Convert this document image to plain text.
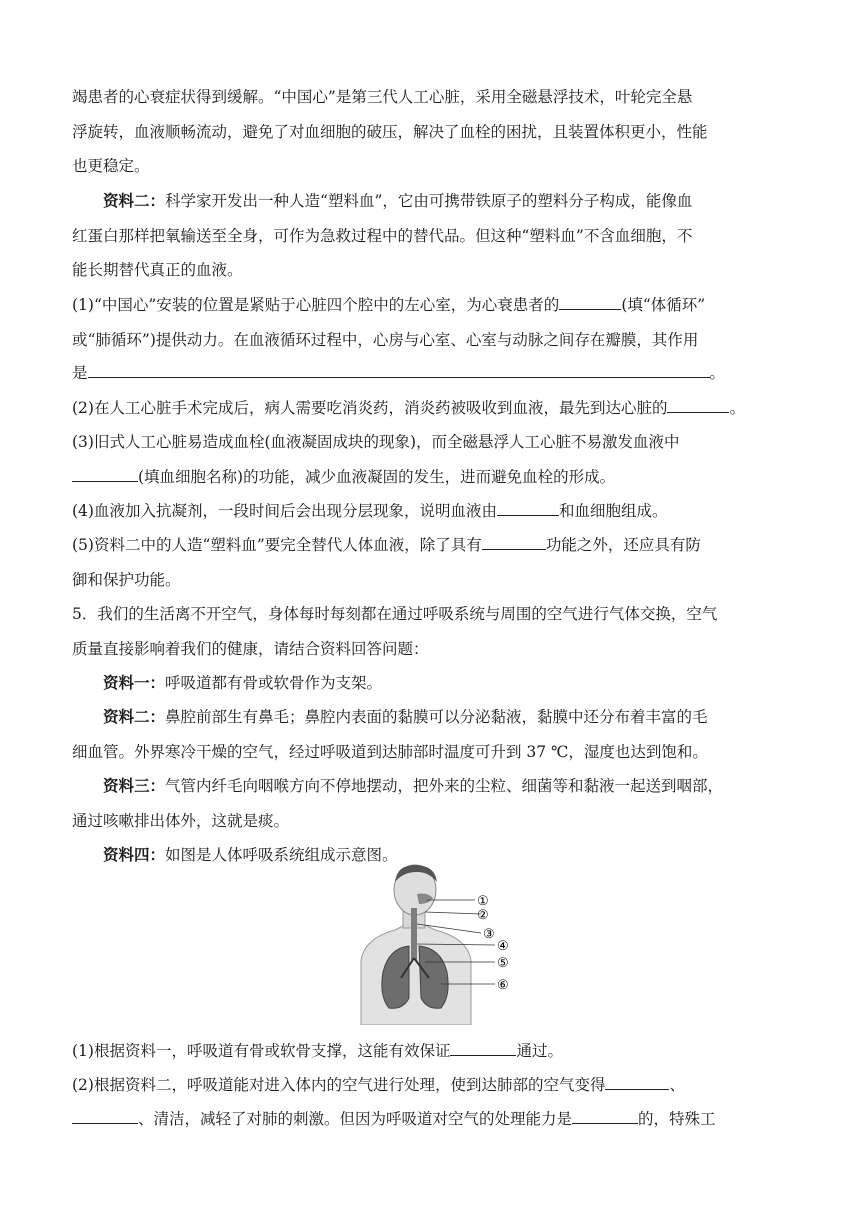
竭患者的心衰症状得到缓解。“中国心”是第三代人工心脏，采用全磁悬浮技术，叶轮完全悬
浮旋转，血液顺畅流动，避免了对血细胞的破压，解决了血栓的困扰，且装置体积更小，性能
也更稳定。
资料二：科学家开发出一种人造“塑料血”，它由可携带铁原子的塑料分子构成，能像血
红蛋白那样把氧输送至全身，可作为急救过程中的替代品。但这种“塑料血”不含血细胞，不
能长期替代真正的血液。
(1)“中国心”安装的位置是紧贴于心脏四个腔中的左心室，为心衰患者的	(填“体循环”
或“肺循环”)提供动力。在血液循环过程中，心房与心室、心室与动脉之间存在瓣膜，其作用
是	。
(2)在人工心脏手术完成后，病人需要吃消炎药，消炎药被吸收到血液，最先到达心脏的	。
(3)旧式人工心脏易造成血栓(血液凝固成块的现象)，而全磁悬浮人工心脏不易激发血液中
(填血细胞名称)的功能，减少血液凝固的发生，进而避免血栓的形成。
(4)血液加入抗凝剂，一段时间后会出现分层现象，说明血液由	和血细胞组成。
(5)资料二中的人造“塑料血”要完全替代人体血液，除了具有	功能之外，还应具有防
御和保护功能。
5．我们的生活离不开空气，身体每时每刻都在通过呼吸系统与周围的空气进行气体交换，空气
质量直接影响着我们的健康，请结合资料回答问题：
资料一：呼吸道都有骨或软骨作为支架。
资料二：鼻腔前部生有鼻毛；鼻腔内表面的黏膜可以分泌黏液，黏膜中还分布着丰富的毛
细血管。外界寒冷干燥的空气，经过呼吸道到达肺部时温度可升到 37 ℃，湿度也达到饱和。
资料三：气管内纤毛向咽喉方向不停地摆动，把外来的尘粒、细菌等和黏液一起送到咽部，
通过咳嗽排出体外，这就是痰。
资料四：如图是人体呼吸系统组成示意图。
①
②
③
④
⑤
⑥
(1)根据资料一，呼吸道有骨或软骨支撑，这能有效保证	通过。
(2)根据资料二，呼吸道能对进入体内的空气进行处理，使到达肺部的空气变得	、
、清洁，减轻了对肺的刺激。但因为呼吸道对空气的处理能力是	的，特殊工
